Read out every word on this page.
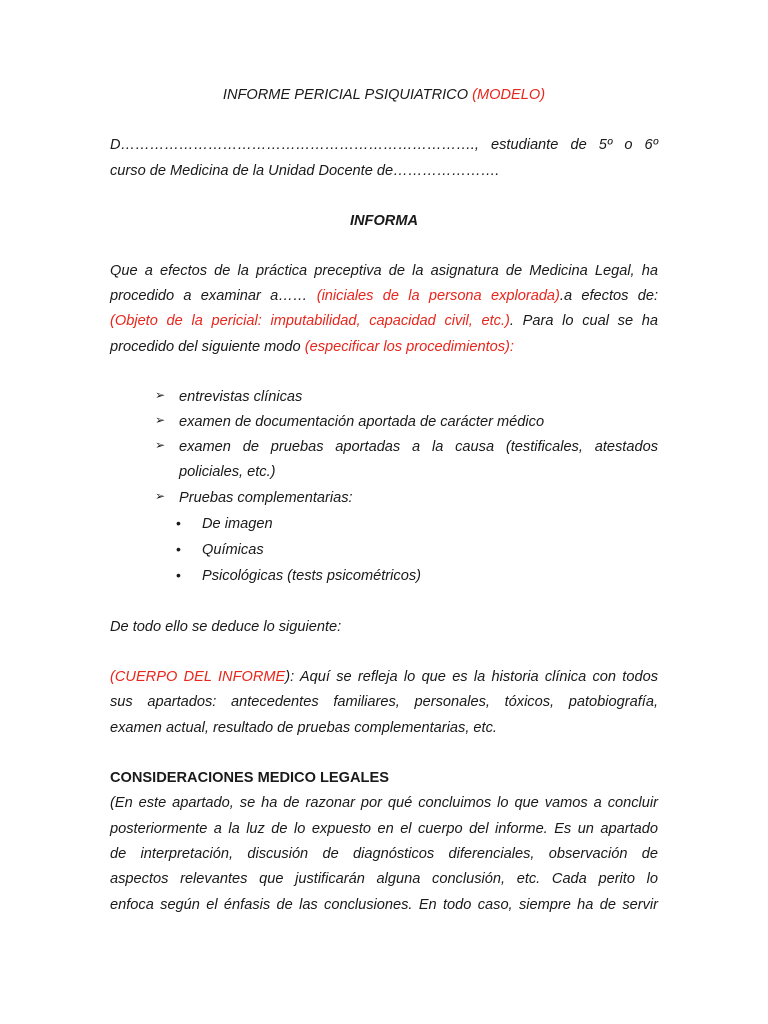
INFORME PERICIAL PSIQUIATRICO (MODELO)
D………………………………………………………………., estudiante de 5º o 6º
curso de Medicina de la Unidad Docente de………………….
INFORMA
Que a efectos de la práctica preceptiva de la asignatura de Medicina Legal, ha
procedido a examinar a…… (iniciales de la persona explorada).a efectos de:
(Objeto de la pericial: imputabilidad, capacidad civil, etc.). Para lo cual se ha
procedido del siguiente modo (especificar los procedimientos):
➢ entrevistas clínicas
➢ examen de documentación aportada de carácter médico
➢ examen de pruebas aportadas a la causa (testificales, atestados
policiales, etc.)
➢ Pruebas complementarias:
• De imagen
• Químicas
• Psicológicas (tests psicométricos)
De todo ello se deduce lo siguiente:
(CUERPO DEL INFORME): Aquí se refleja lo que es la historia clínica con todos
sus apartados: antecedentes familiares, personales, tóxicos, patobiografía,
examen actual, resultado de pruebas complementarias, etc.
CONSIDERACIONES MEDICO LEGALES
(En este apartado, se ha de razonar por qué concluimos lo que vamos a concluir
posteriormente a la luz de lo expuesto en el cuerpo del informe. Es un apartado
de interpretación, discusión de diagnósticos diferenciales, observación de
aspectos relevantes que justificarán alguna conclusión, etc. Cada perito lo
enfoca según el énfasis de las conclusiones. En todo caso, siempre ha de servir
